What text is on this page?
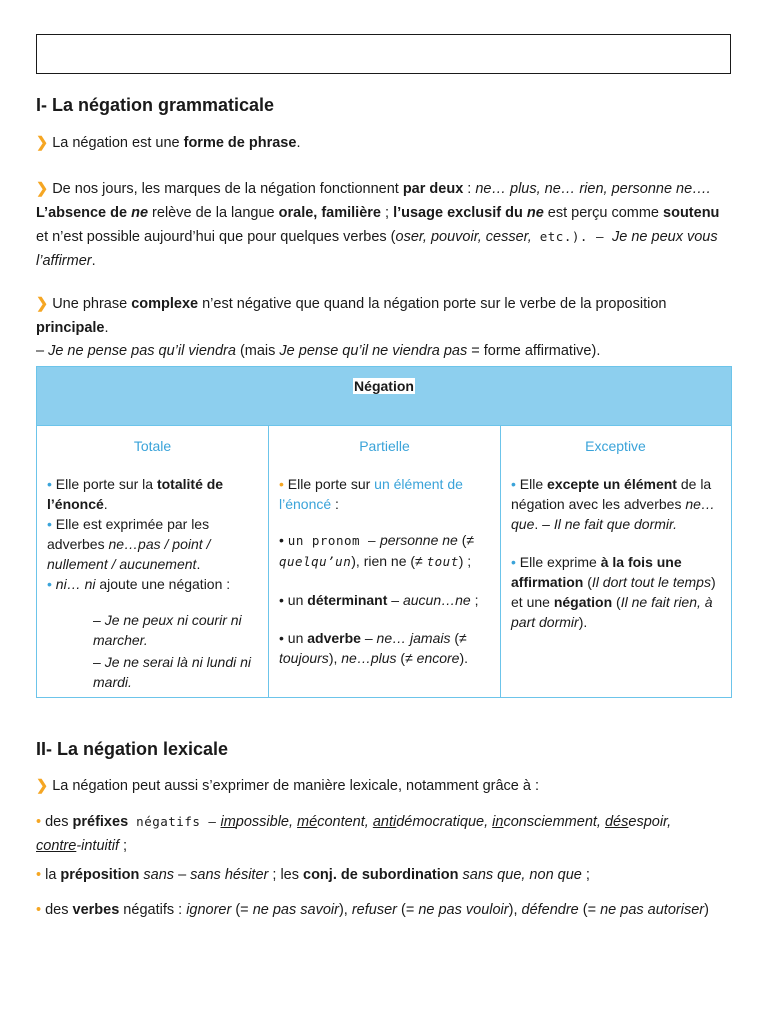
I- La négation grammaticale
❯ La négation est une forme de phrase.
❯ De nos jours, les marques de la négation fonctionnent par deux : ne… plus, ne… rien, personne ne….
L’absence de ne relève de la langue orale, familière ; l’usage exclusif du ne est perçu comme soutenu et n’est possible aujourd’hui que pour quelques verbes (oser, pouvoir, cesser, etc.). – Je ne peux vous l’affirmer.
❯ Une phrase complexe n’est négative que quand la négation porte sur le verbe de la proposition principale.
– Je ne pense pas qu’il viendra (mais Je pense qu’il ne viendra pas = forme affirmative).
Négation
Totale
• Elle porte sur la totalité de l’énoncé.
• Elle est exprimée par les adverbes ne…pas / point / nullement / aucunement.
• ni… ni ajoute une négation :
– Je ne peux ni courir ni marcher.
– Je ne serai là ni lundi ni mardi.
Partielle
• Elle porte sur un élément de l’énoncé :
• un pronom – personne ne (≠ quelqu’un), rien ne (≠ tout) ;
• un déterminant – aucun…ne ;
• un adverbe – ne… jamais (≠ toujours), ne…plus (≠ encore).
Exceptive
• Elle excepte un élément de la négation avec les adverbes ne…que. – Il ne fait que dormir.
• Elle exprime à la fois une affirmation (Il dort tout le temps) et une négation (Il ne fait rien, à part dormir).
II- La négation lexicale
❯ La négation peut aussi s’exprimer de manière lexicale, notamment grâce à :
• des préfixes négatifs – impossible, mécontent, antidémocratique, inconsciemment, désespoir,
contre-intuitif ;
• la préposition sans – sans hésiter ; les conj. de subordination sans que, non que ;
• des verbes négatifs : ignorer (= ne pas savoir), refuser (= ne pas vouloir), défendre (= ne pas autoriser)
